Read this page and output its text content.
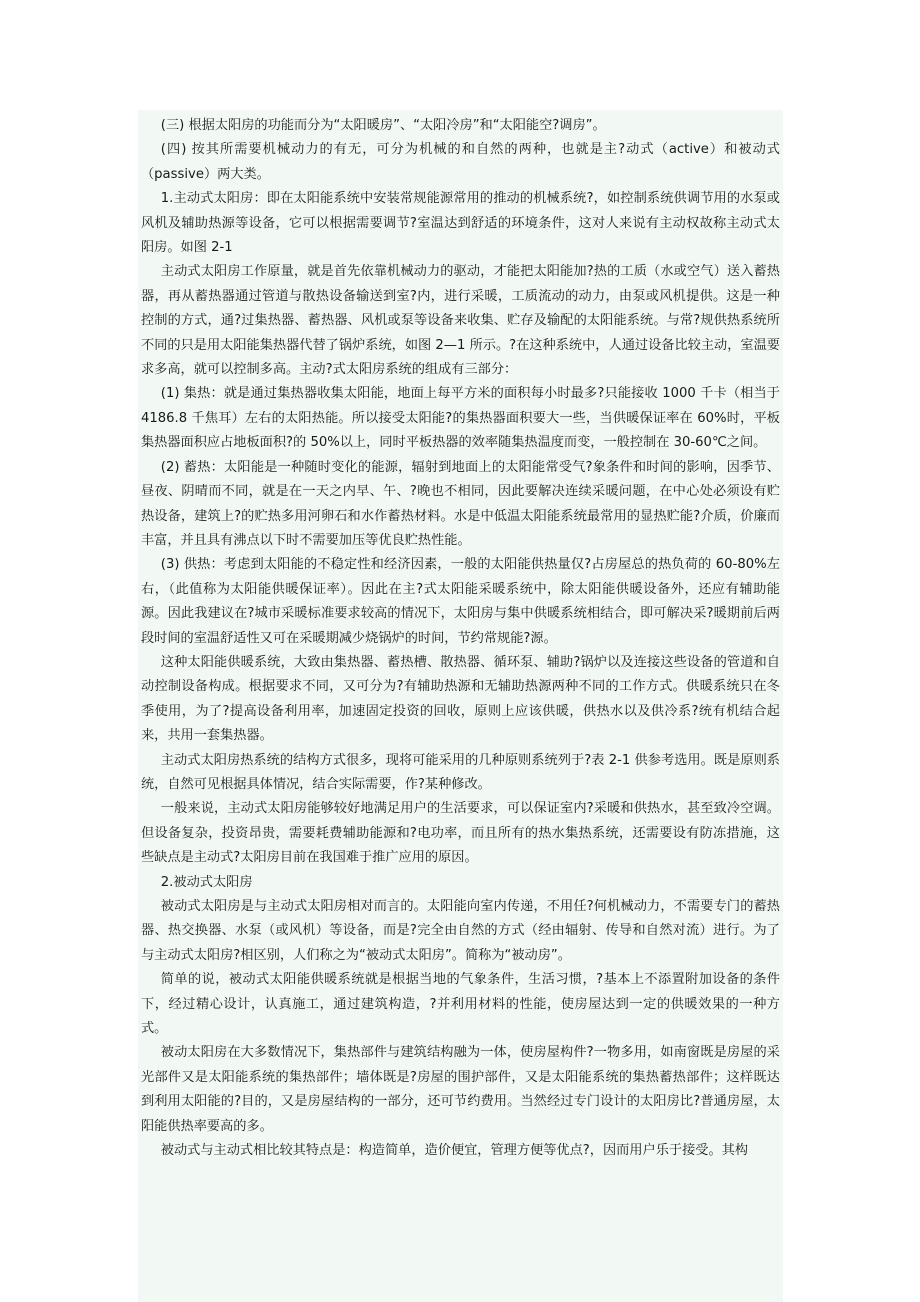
(三) 根据太阳房的功能而分为“太阳暖房”、“太阳冷房”和“太阳能空?调房”。

(四) 按其所需要机械动力的有无，可分为机械的和自然的两种，也就是主?动式（active）和被动式（passive）两大类。

1.主动式太阳房：即在太阳能系统中安装常规能源常用的推动的机械系统?，如控制系统供调节用的水泵或风机及辅助热源等设备，它可以根据需要调节?室温达到舒适的环境条件，这对人来说有主动权故称主动式太阳房。如图 2-1

主动式太阳房工作原量，就是首先依靠机械动力的驱动，才能把太阳能加?热的工质（水或空气）送入蓄热器，再从蓄热器通过管道与散热设备输送到室?内，进行采暖，工质流动的动力，由泵或风机提供。这是一种控制的方式，通?过集热器、蓄热器、风机或泵等设备来收集、贮存及输配的太阳能系统。与常?规供热系统所不同的只是用太阳能集热器代替了锅炉系统，如图 2—1 所示。?在这种系统中，人通过设备比较主动，室温要求多高，就可以控制多高。主动?式太阳房系统的组成有三部分：

(1) 集热：就是通过集热器收集太阳能，地面上每平方米的面积每小时最多?只能接收 1000 千卡（相当于 4186.8 千焦耳）左右的太阳热能。所以接受太阳能?的集热器面积要大一些，当供暖保证率在 60%时，平板集热器面积应占地板面积?的 50%以上，同时平板热器的效率随集热温度而变，一般控制在 30-60℃之间。

(2) 蓄热：太阳能是一种随时变化的能源，辐射到地面上的太阳能常受气?象条件和时间的影响，因季节、昼夜、阴晴而不同，就是在一天之内早、午、?晚也不相同，因此要解决连续采暖问题，在中心处必须设有贮热设备，建筑上?的贮热多用河卵石和水作蓄热材料。水是中低温太阳能系统最常用的显热贮能?介质，价廉而丰富，并且具有沸点以下时不需要加压等优良贮热性能。

(3) 供热：考虑到太阳能的不稳定性和经济因素，一般的太阳能供热量仅?占房屋总的热负荷的 60-80%左右，（此值称为太阳能供暖保证率）。因此在主?式太阳能采暖系统中，除太阳能供暖设备外，还应有辅助能源。因此我建议在?城市采暖标准要求较高的情况下，太阳房与集中供暖系统相结合，即可解决采?暖期前后两段时间的室温舒适性又可在采暖期减少烧锅炉的时间，节约常规能?源。

这种太阳能供暖系统，大致由集热器、蓄热槽、散热器、循环泵、辅助?锅炉以及连接这些设备的管道和自动控制设备构成。根据要求不同，又可分为?有辅助热源和无辅助热源两种不同的工作方式。供暖系统只在冬季使用，为了?提高设备利用率，加速固定投资的回收，原则上应该供暖，供热水以及供冷系?统有机结合起来，共用一套集热器。

主动式太阳房热系统的结构方式很多，现将可能采用的几种原则系统列于?表 2-1 供参考选用。既是原则系统，自然可见根据具体情况，结合实际需要，作?某种修改。

一般来说，主动式太阳房能够较好地满足用户的生活要求，可以保证室内?采暖和供热水，甚至致冷空调。但设备复杂，投资昂贵，需要耗费辅助能源和?电功率，而且所有的热水集热系统，还需要设有防冻措施，这些缺点是主动式?太阳房目前在我国难于推广应用的原因。

2.被动式太阳房

被动式太阳房是与主动式太阳房相对而言的。太阳能向室内传递，不用任?何机械动力，不需要专门的蓄热器、热交换器、水泵（或风机）等设备，而是?完全由自然的方式（经由辐射、传导和自然对流）进行。为了与主动式太阳房?相区别，人们称之为“被动式太阳房”。简称为“被动房”。

简单的说，被动式太阳能供暖系统就是根据当地的气象条件，生活习惯，?基本上不添置附加设备的条件下，经过精心设计，认真施工，通过建筑构造，?并利用材料的性能，使房屋达到一定的供暖效果的一种方式。

被动太阳房在大多数情况下，集热部件与建筑结构融为一体，使房屋构件?一物多用，如南窗既是房屋的采光部件又是太阳能系统的集热部件；墙体既是?房屋的围护部件，又是太阳能系统的集热蓄热部件；这样既达到利用太阳能的?目的，又是房屋结构的一部分，还可节约费用。当然经过专门设计的太阳房比?普通房屋，太阳能供热率要高的多。

被动式与主动式相比较其特点是：构造简单，造价便宜，管理方便等优点?，因而用户乐于接受。其构
